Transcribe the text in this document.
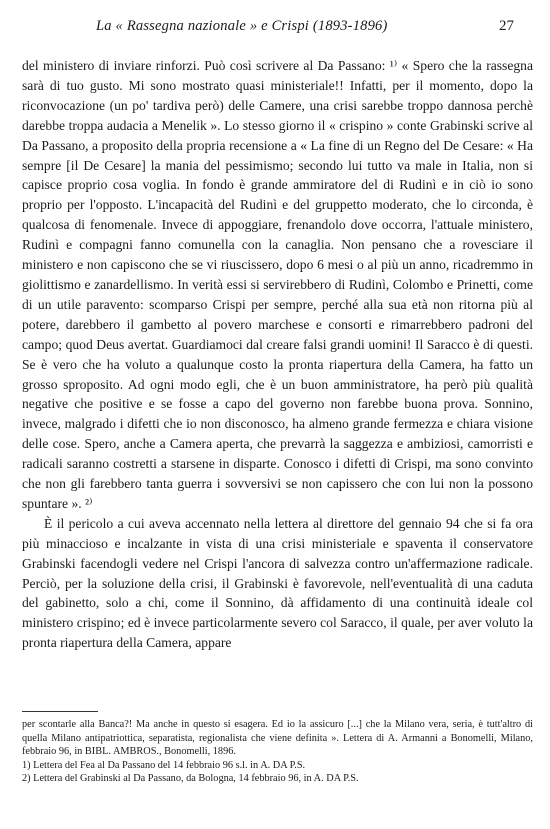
La « Rassegna nazionale » e Crispi (1893-1896)	27

del ministero di inviare rinforzi. Può così scrivere al Da Passano: ¹⁾ « Spero che la rassegna sarà di tuo gusto. Mi sono mostrato quasi ministeriale!! Infatti, per il momento, dopo la riconvocazione (un po' tardiva però) delle Camere, una crisi sarebbe troppo dannosa perchè darebbe troppa audacia a Menelik ». Lo stesso giorno il « crispino » conte Grabinski scrive al Da Passano, a proposito della propria recensione a « La fine di un Regno del De Cesare: « Ha sempre [il De Cesare] la mania del pessimismo; secondo lui tutto va male in Italia, non si capisce proprio cosa voglia. In fondo è grande ammiratore del di Rudinì e in ciò io sono proprio per l'opposto. L'incapacità del Rudinì e del gruppetto moderato, che lo circonda, è qualcosa di fenomenale. Invece di appoggiare, frenandolo dove occorra, l'attuale ministero, Rudinì e compagni fanno comunella con la canaglia. Non pensano che a rovesciare il ministero e non capiscono che se vi riuscissero, dopo 6 mesi o al più un anno, ricadremmo in giolittismo e zanardellismo. In verità essi si servirebbero di Rudinì, Colombo e Prinetti, come di un utile paravento: scomparso Crispi per sempre, perché alla sua età non ritorna più al potere, darebbero il gambetto al povero marchese e consorti e rimarrebbero padroni del campo; quod Deus avertat. Guardiamoci dal creare falsi grandi uomini! Il Saracco è di questi. Se è vero che ha voluto a qualunque costo la pronta riapertura della Camera, ha fatto un grosso sproposito. Ad ogni modo egli, che è un buon amministratore, ha però più qualità negative che positive e se fosse a capo del governo non farebbe buona prova. Sonnino, invece, malgrado i difetti che io non disconosco, ha almeno grande fermezza e chiara visione delle cose. Spero, anche a Camera aperta, che prevarrà la saggezza e ambiziosi, camorristi e radicali saranno costretti a starsene in disparte. Conosco i difetti di Crispi, ma sono convinto che non gli farebbero tanta guerra i sovversivi se non capissero che con lui non la possono spuntare ». ²⁾

È il pericolo a cui aveva accennato nella lettera al direttore del gennaio 94 che si fa ora più minaccioso e incalzante in vista di una crisi ministeriale e spaventa il conservatore Grabinski facendogli vedere nel Crispi l'ancora di salvezza contro un'affermazione radicale. Perciò, per la soluzione della crisi, il Grabinski è favorevole, nell'eventualità di una caduta del gabinetto, solo a chi, come il Sonnino, dà affidamento di una continuità ideale col ministero crispino; ed è invece particolarmente severo col Saracco, il quale, per aver voluto la pronta riapertura della Camera, appare

per scontarle alla Banca?! Ma anche in questo si esagera. Ed io la assicuro [...] che la Milano vera, seria, è tutt'altro di quella Milano antipatriottica, separatista, regionalista che viene definita ». Lettera di A. Armanni a Bonomelli, Milano, febbraio 96, in BIBL. AMBROS., Bonomelli, 1896.

1) Lettera del Fea al Da Passano del 14 febbraio 96 s.l. in A. DA P.S.

2) Lettera del Grabinski al Da Passano, da Bologna, 14 febbraio 96, in A. DA P.S.
